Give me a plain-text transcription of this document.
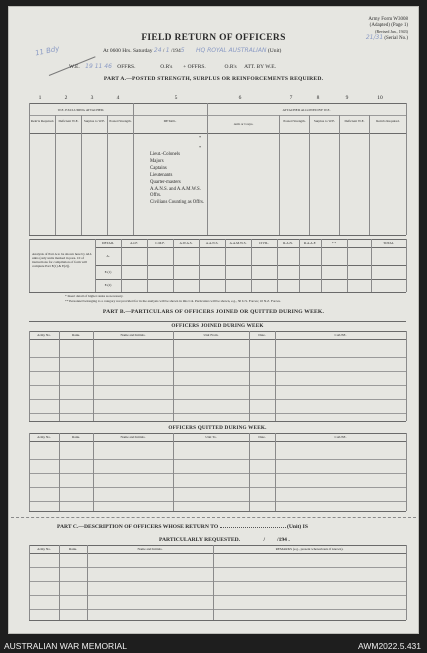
Army Form W3008
(Adapted) (Page 1)
(Revised Jan., 1943)
21/31 (Serial No.)
FIELD RETURN OF OFFICERS
11 Bdy	At 0600 Hrs. Saturday 24 / 1 /1945 HQ ROYAL AUSTRALIAN (Unit)
W.E. 19 11 46 OFFRS.	O.R's + OFFRS.	O.R's ATT. BY W.E.
PART A.—POSTED STRENGTH, SURPLUS OR REINFORCEMENTS REQUIRED.
1	2	3	4	5	6	7	8	9	10
W.E. EXCLUDING ATTACHED.	ATTACHED ALLOWED BY W.E.
DETAIL.
Rein'ts Required.	Deficient W.E.	Surplus to W.E.	Posted Strength.
Arm or Corps.
Posted Strength.	Surplus to W.E.	Deficient W.E.	Rein'ts Required.
Lieut.-Colonels
Majors
Captains
Lieutenants
Quarter-masters
A.A.N.S. and A.A.M.W.S. Offrs.
Civilians Counting as Offrs.
*
*
Analysis of Part A to be shown here by ALL units (only units marked in para. 10 of instructions for compilation of form will complete Part E(1) & E(2)).
DETAIL	A.I.F.	C.M.F.	A.W.A.S.	A.A.N.S.	A.A.M.W.S.	CIVIL.	R.A.N.	R.A.A.F.	* *	TOTAL
A.
E.(1)
E.(2)
* Insert detail of higher ranks as necessary.
** Personnel belonging to a category not provided for in the analysis will be shown in this Col. Particulars will be shown, e.g., 30 U.S. Forces; 10 N.Z. Forces.
PART B.—PARTICULARS OF OFFICERS JOINED OR QUITTED DURING WEEK.
OFFICERS JOINED DURING WEEK
Army No.	Rank.	Name and Initials.	Unit From.	Date.	CAUSE.
OFFICERS QUITTED DURING WEEK.
Army No.	Rank.	Name and Initials.	Unit To.	Date.	CAUSE.
PART C.—DESCRIPTION OF OFFICERS WHOSE RETURN TO	(Unit) IS
PARTICULARLY REQUESTED.	/ /194 .
Army No.	Rank.	Name and Initials.	REMARKS (e.g., present whereabouts if known).
AUSTRALIAN WAR MEMORIAL	AWM2022.5.431
